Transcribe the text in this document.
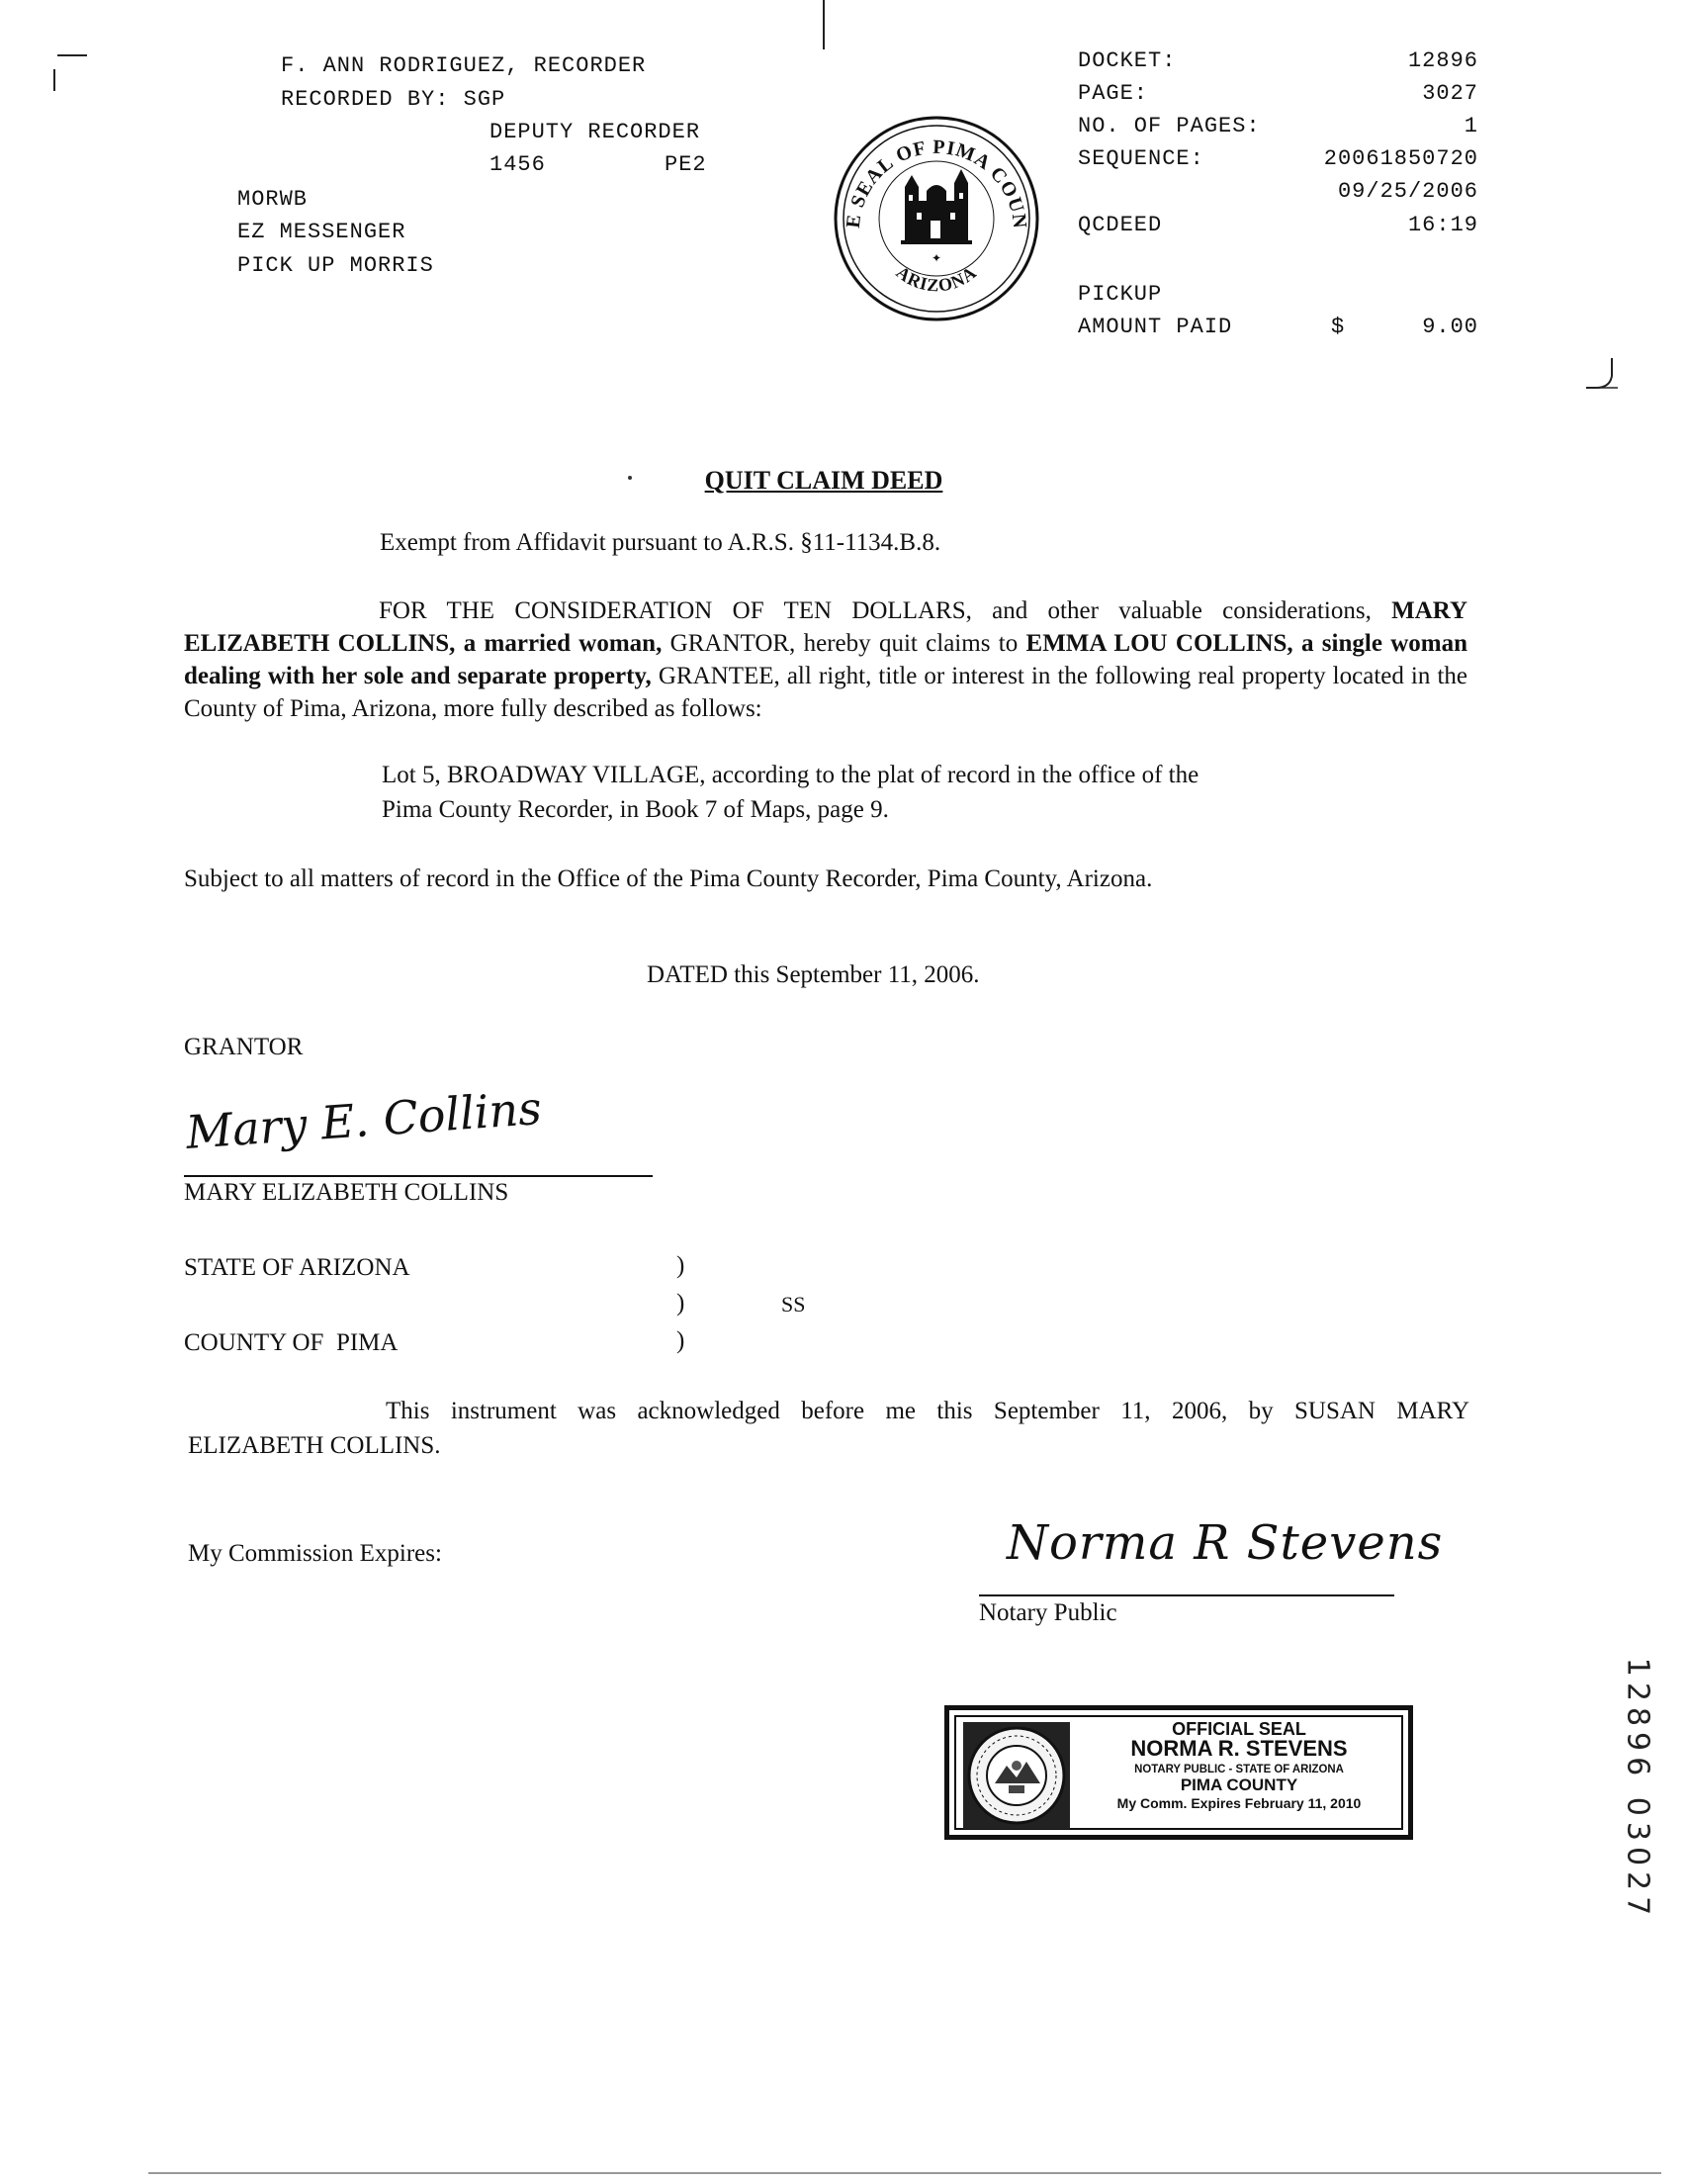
F. ANN RODRIGUEZ, RECORDER
RECORDED BY: SGP
DEPUTY RECORDER
1456	PE2
MORWB
EZ MESSENGER
PICK UP MORRIS

E SEAL OF PIMA COUN
ARIZONA
✦

DOCKET:	12896
PAGE:	3027
NO. OF PAGES:	1
SEQUENCE:	20061850720
09/25/2006
QCDEED	16:19
PICKUP
AMOUNT PAID	$	9.00
QUIT CLAIM DEED
Exempt from Affidavit pursuant to A.R.S. §11-1134.B.8.
FOR THE CONSIDERATION OF TEN DOLLARS, and other valuable considerations, MARY ELIZABETH COLLINS, a married woman, GRANTOR, hereby quit claims to EMMA LOU COLLINS, a single woman dealing with her sole and separate property, GRANTEE, all right, title or interest in the following real property located in the County of Pima, Arizona, more fully described as follows:
Lot 5, BROADWAY VILLAGE, according to the plat of record in the office of the
Pima County Recorder, in Book 7 of Maps, page 9.
Subject to all matters of record in the Office of the Pima County Recorder, Pima County, Arizona.
DATED this September 11, 2006.
GRANTOR
Mary E. Collins
MARY ELIZABETH COLLINS
STATE OF ARIZONA	)
)	SS
)
COUNTY OF  PIMA
This instrument was acknowledged before me this September 11, 2006, by SUSAN MARY
ELIZABETH COLLINS.
My Commission Expires:	Norma R Stevens
Notary Public

OFFICIAL SEAL

NORMA R. STEVENS

NOTARY PUBLIC - STATE OF ARIZONA

PIMA COUNTY

My Comm. Expires February 11, 2010

	12896 03027
